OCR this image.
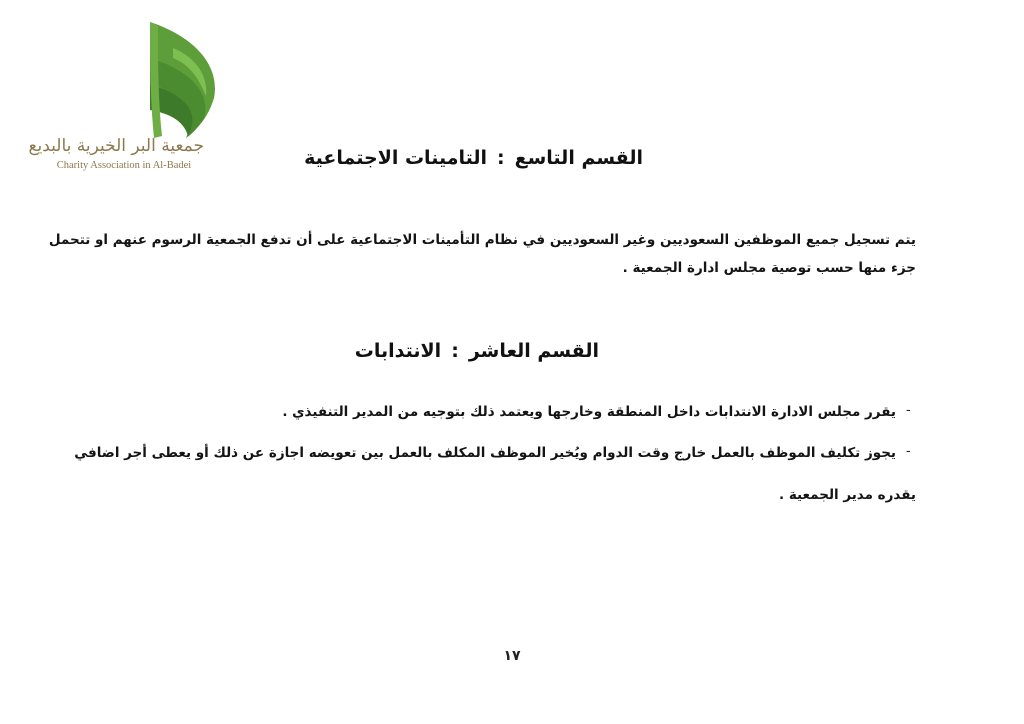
جمعية البر الخيرية بالبديع
Charity Association in Al-Badei	القسم التاسع:التامينات الاجتماعية
يتم تسجيل جميع الموظفين السعوديين وغير السعوديين في نظام التأمينات الاجتماعية على أن تدفع الجمعية الرسوم عنهم او تتحمل
جزء منها حسب توصية مجلس ادارة الجمعية .
القسم العاشر:الانتدابات
-
يقرر مجلس الادارة الانتدابات داخل المنطقة وخارجها ويعتمد ذلك بتوجيه من المدير التنفيذي .
-
يجوز تكليف الموظف بالعمل خارج وقت الدوام ويُخير الموظف المكلف بالعمل بين تعويضه اجازة عن ذلك أو يعطى أجر اضافي
يقدره مدير الجمعية .
١٧
